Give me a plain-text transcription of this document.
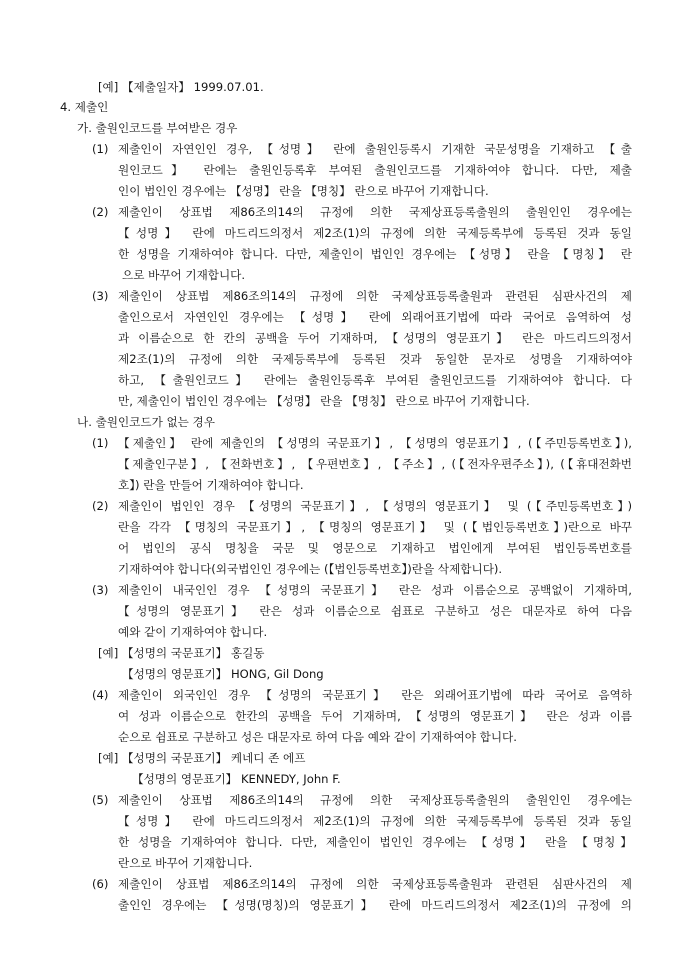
[예] 【제출일자】 1999.07.01.
4. 제출인
가. 출원인코드를 부여받은 경우
(1) 제출인이 자연인인 경우, 【성명】 란에 출원인등록시 기재한 국문성명을 기재하고 【출
원인코드】 란에는 출원인등록후 부여된 출원인코드를 기재하여야 합니다. 다만, 제출
인이 법인인 경우에는 【성명】 란을 【명칭】 란으로 바꾸어 기재합니다.
(2) 제출인이 상표법 제86조의14의 규정에 의한 국제상표등록출원의 출원인인 경우에는
【성명】 란에 마드리드의정서 제2조(1)의 규정에 의한 국제등록부에 등록된 것과 동일
한 성명을 기재하여야 합니다. 다만, 제출인이 법인인 경우에는 【성명】 란을 【명칭】 란
으로 바꾸어 기재합니다.
(3) 제출인이 상표법 제86조의14의 규정에 의한 국제상표등록출원과 관련된 심판사건의 제
출인으로서 자연인인 경우에는 【성명】 란에 외래어표기법에 따라 국어로 음역하여 성
과 이름순으로 한 칸의 공백을 두어 기재하며, 【성명의 영문표기】 란은 마드리드의정서
제2조(1)의 규정에 의한 국제등록부에 등록된 것과 동일한 문자로 성명을 기재하여야
하고, 【출원인코드】 란에는 출원인등록후 부여된 출원인코드를 기재하여야 합니다. 다
만, 제출인이 법인인 경우에는 【성명】 란을 【명칭】 란으로 바꾸어 기재합니다.
나. 출원인코드가 없는 경우
(1) 【제출인】 란에 제출인의 【성명의 국문표기】, 【성명의 영문표기】, (【주민등록번호】),
【제출인구분】, 【전화번호】, 【우편번호】, 【주소】, (【전자우편주소】), (【휴대전화번
호】) 란을 만들어 기재하여야 합니다.
(2) 제출인이 법인인 경우 【성명의 국문표기】, 【성명의 영문표기】 및 (【주민등록번호】)
란을 각각 【명칭의 국문표기】, 【명칭의 영문표기】 및 (【법인등록번호】)란으로 바꾸
어 법인의 공식 명칭을 국문 및 영문으로 기재하고 법인에게 부여된 법인등록번호를
기재하여야 합니다(외국법인인 경우에는 (【법인등록번호】)란을 삭제합니다).
(3) 제출인이 내국인인 경우 【성명의 국문표기】 란은 성과 이름순으로 공백없이 기재하며,
【성명의 영문표기】 란은 성과 이름순으로 쉼표로 구분하고 성은 대문자로 하여 다음
예와 같이 기재하여야 합니다.
[예] 【성명의 국문표기】 홍길동
【성명의 영문표기】 HONG, Gil Dong
(4) 제출인이 외국인인 경우 【성명의 국문표기】 란은 외래어표기법에 따라 국어로 음역하
여 성과 이름순으로 한칸의 공백을 두어 기재하며, 【성명의 영문표기】 란은 성과 이름
순으로 쉼표로 구분하고 성은 대문자로 하여 다음 예와 같이 기재하여야 합니다.
[예] 【성명의 국문표기】 케네디 존 에프
【성명의 영문표기】 KENNEDY, John F.
(5) 제출인이 상표법 제86조의14의 규정에 의한 국제상표등록출원의 출원인인 경우에는
【성명】 란에 마드리드의정서 제2조(1)의 규정에 의한 국제등록부에 등록된 것과 동일
한 성명을 기재하여야 합니다. 다만, 제출인이 법인인 경우에는 【성명】 란을 【명칭】
란으로 바꾸어 기재합니다.
(6) 제출인이 상표법 제86조의14의 규정에 의한 국제상표등록출원과 관련된 심판사건의 제
출인인 경우에는 【성명(명칭)의 영문표기】 란에 마드리드의정서 제2조(1)의 규정에 의
